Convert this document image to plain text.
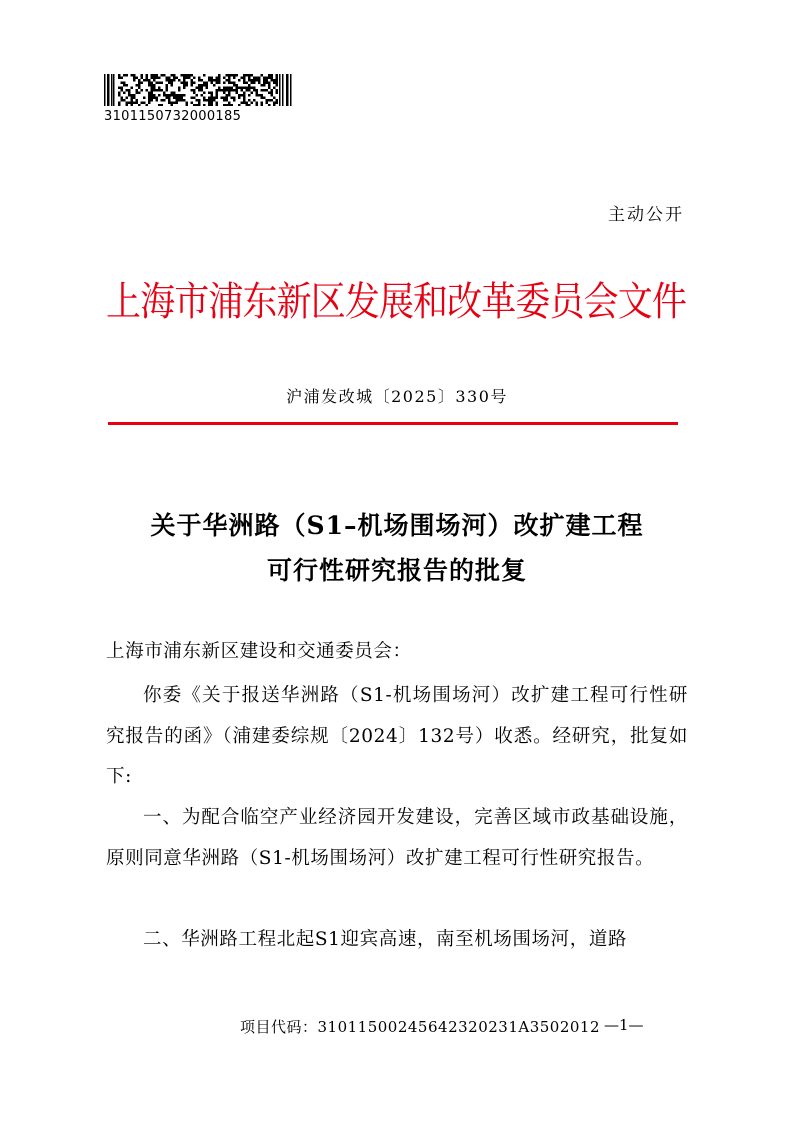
3101150732000185
主动公开
上海市浦东新区发展和改革委员会文件
沪浦发改城〔2025〕330号
关于华洲路（S1–机场围场河）改扩建工程
可行性研究报告的批复
上海市浦东新区建设和交通委员会：
你委《关于报送华洲路（S1-机场围场河）改扩建工程可行性研究报告的函》（浦建委综规〔2024〕132号）收悉。经研究，批复如下:
一、为配合临空产业经济园开发建设，完善区域市政基础设施，原则同意华洲路（S1-机场围场河）改扩建工程可行性研究报告。
二、华洲路工程北起S1迎宾高速，南至机场围场河，道路
项目代码：31011500245642320231A3502012 —1—
